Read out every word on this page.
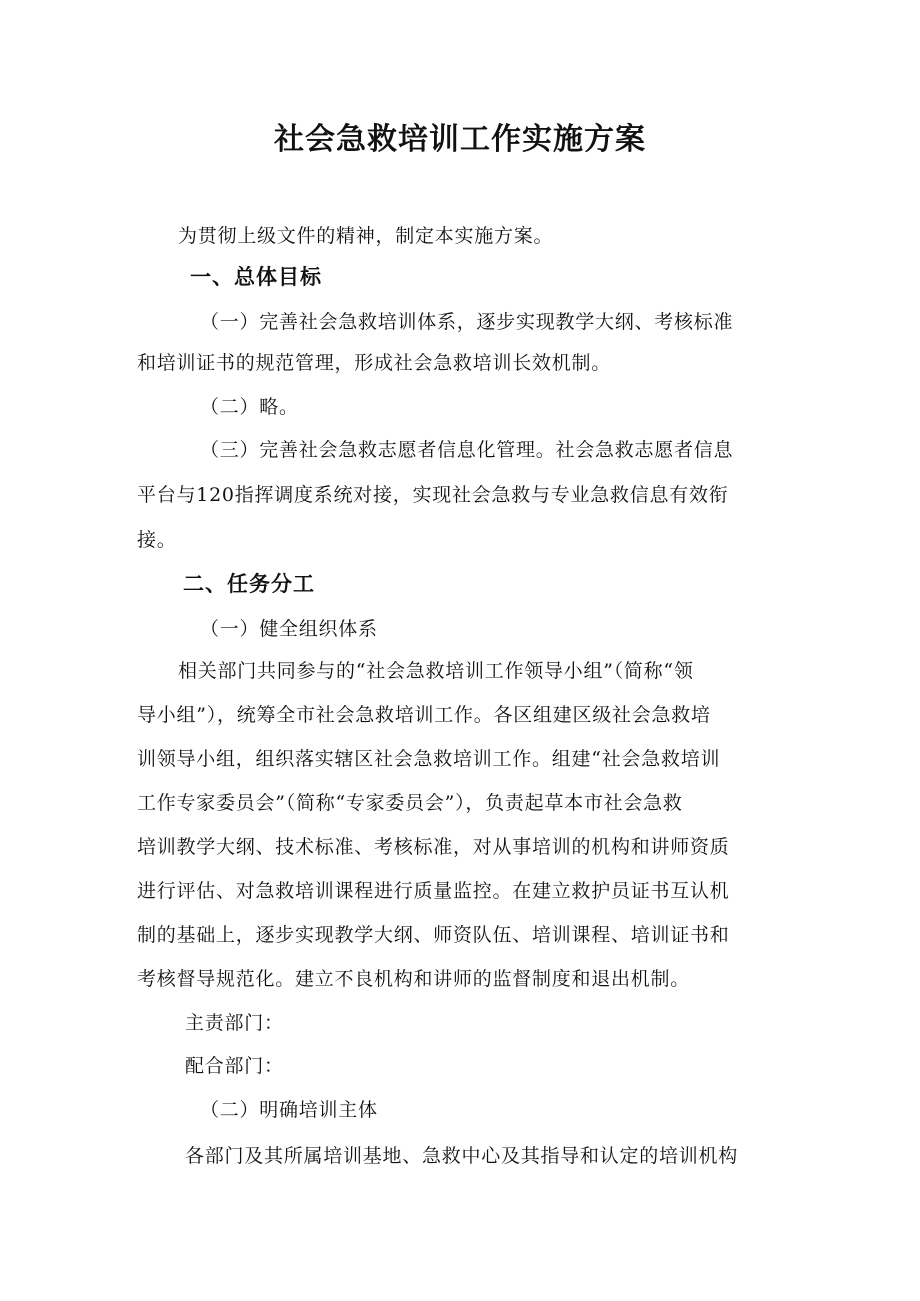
社会急救培训工作实施方案
为贯彻上级文件的精神，制定本实施方案。
一、总体目标
（一）完善社会急救培训体系，逐步实现教学大纲、考核标准
和培训证书的规范管理，形成社会急救培训长效机制。
（二）略。
（三）完善社会急救志愿者信息化管理。社会急救志愿者信息
平台与120指挥调度系统对接，实现社会急救与专业急救信息有效衔
接。
二、任务分工
（一）健全组织体系
相关部门共同参与的“社会急救培训工作领导小组”（简称“领
导小组”），统筹全市社会急救培训工作。各区组建区级社会急救培
训领导小组，组织落实辖区社会急救培训工作。组建“社会急救培训
工作专家委员会”（简称“专家委员会”），负责起草本市社会急救
培训教学大纲、技术标准、考核标准，对从事培训的机构和讲师资质
进行评估、对急救培训课程进行质量监控。在建立救护员证书互认机
制的基础上，逐步实现教学大纲、师资队伍、培训课程、培训证书和
考核督导规范化。建立不良机构和讲师的监督制度和退出机制。
主责部门：
配合部门：
（二）明确培训主体
各部门及其所属培训基地、急救中心及其指导和认定的培训机构
